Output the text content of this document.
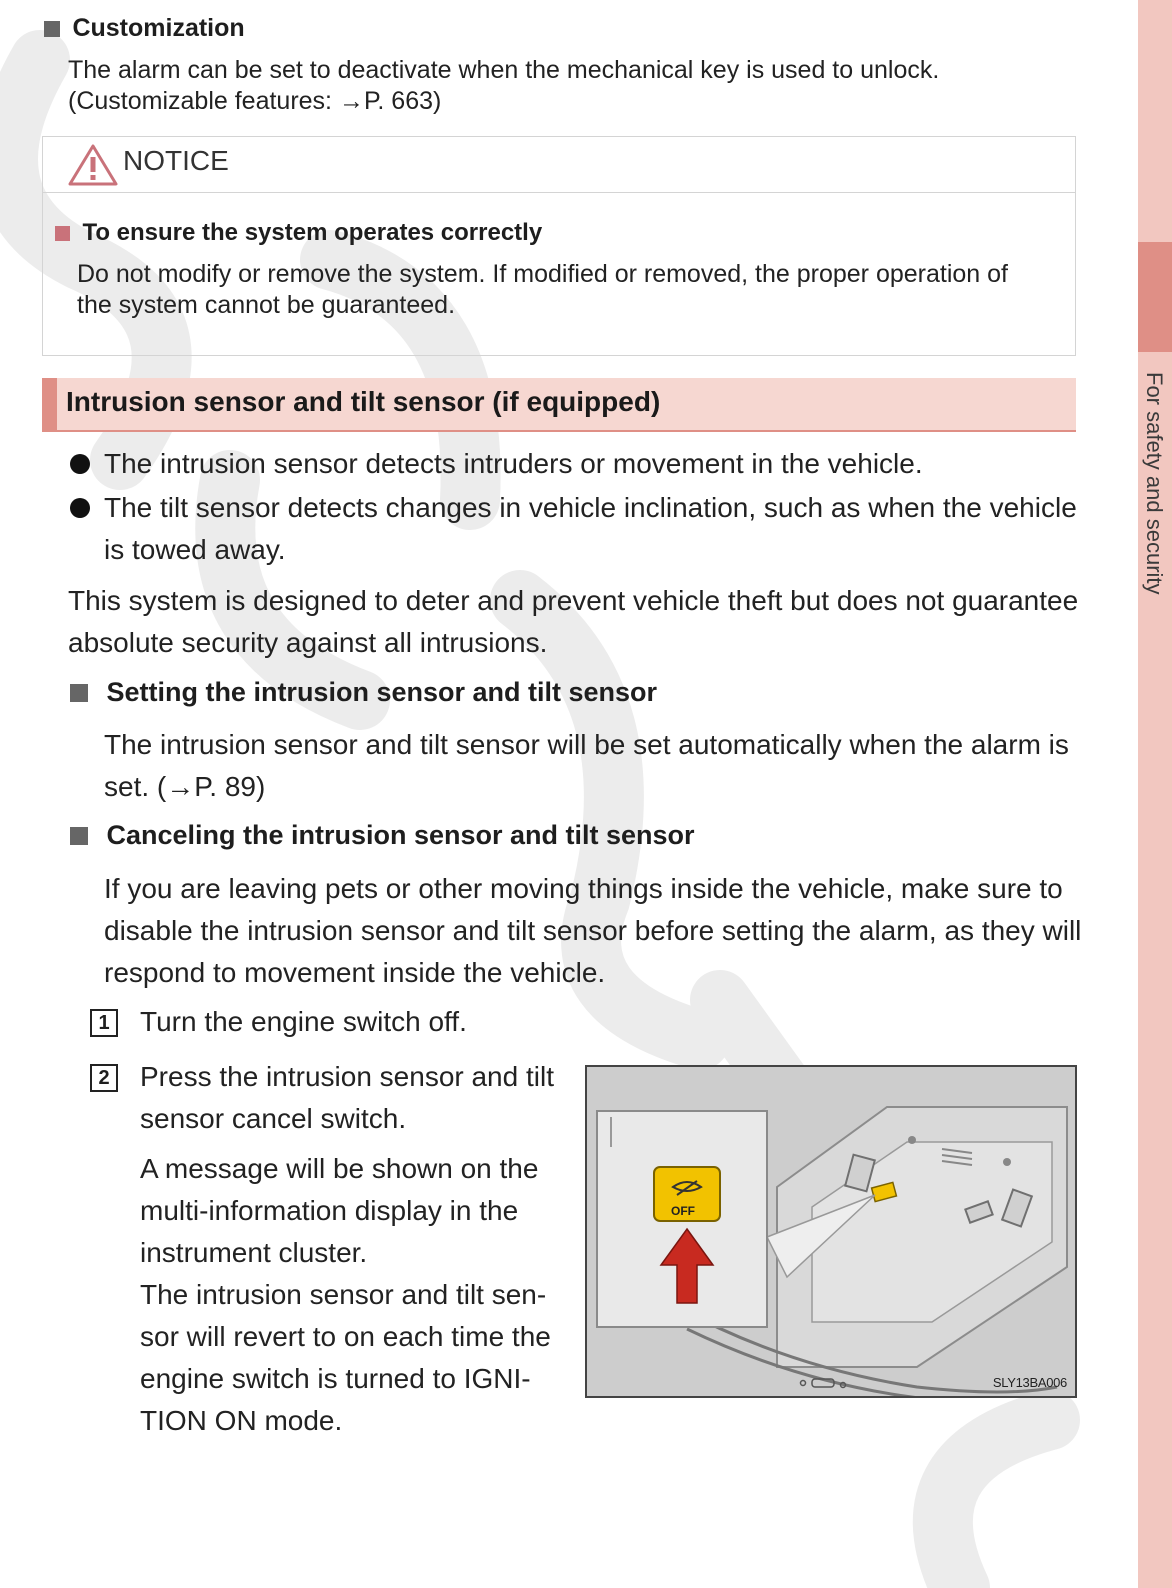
For safety and security
Customization
The alarm can be set to deactivate when the mechanical key is used to unlock.
(Customizable features: →P. 663)
NOTICE
To ensure the system operates correctly
Do not modify or remove the system. If modified or removed, the proper operation of
the system cannot be guaranteed.
Intrusion sensor and tilt sensor (if equipped)
The intrusion sensor detects intruders or movement in the vehicle.
The tilt sensor detects changes in vehicle inclination, such as when the vehicle
is towed away.
This system is designed to deter and prevent vehicle theft but does not guarantee
absolute security against all intrusions.
Setting the intrusion sensor and tilt sensor
The intrusion sensor and tilt sensor will be set automatically when the alarm is
set. (→P. 89)
Canceling the intrusion sensor and tilt sensor
If you are leaving pets or other moving things inside the vehicle, make sure to
disable the intrusion sensor and tilt sensor before setting the alarm, as they will
respond to movement inside the vehicle.
1	Turn the engine switch off.
2	Press the intrusion sensor and tilt
sensor cancel switch.
A message will be shown on the
multi-information display in the
instrument cluster.
The intrusion sensor and tilt sen-
sor will revert to on each time the
engine switch is turned to IGNI-
TION ON mode.
OFF
SLY13BA006
